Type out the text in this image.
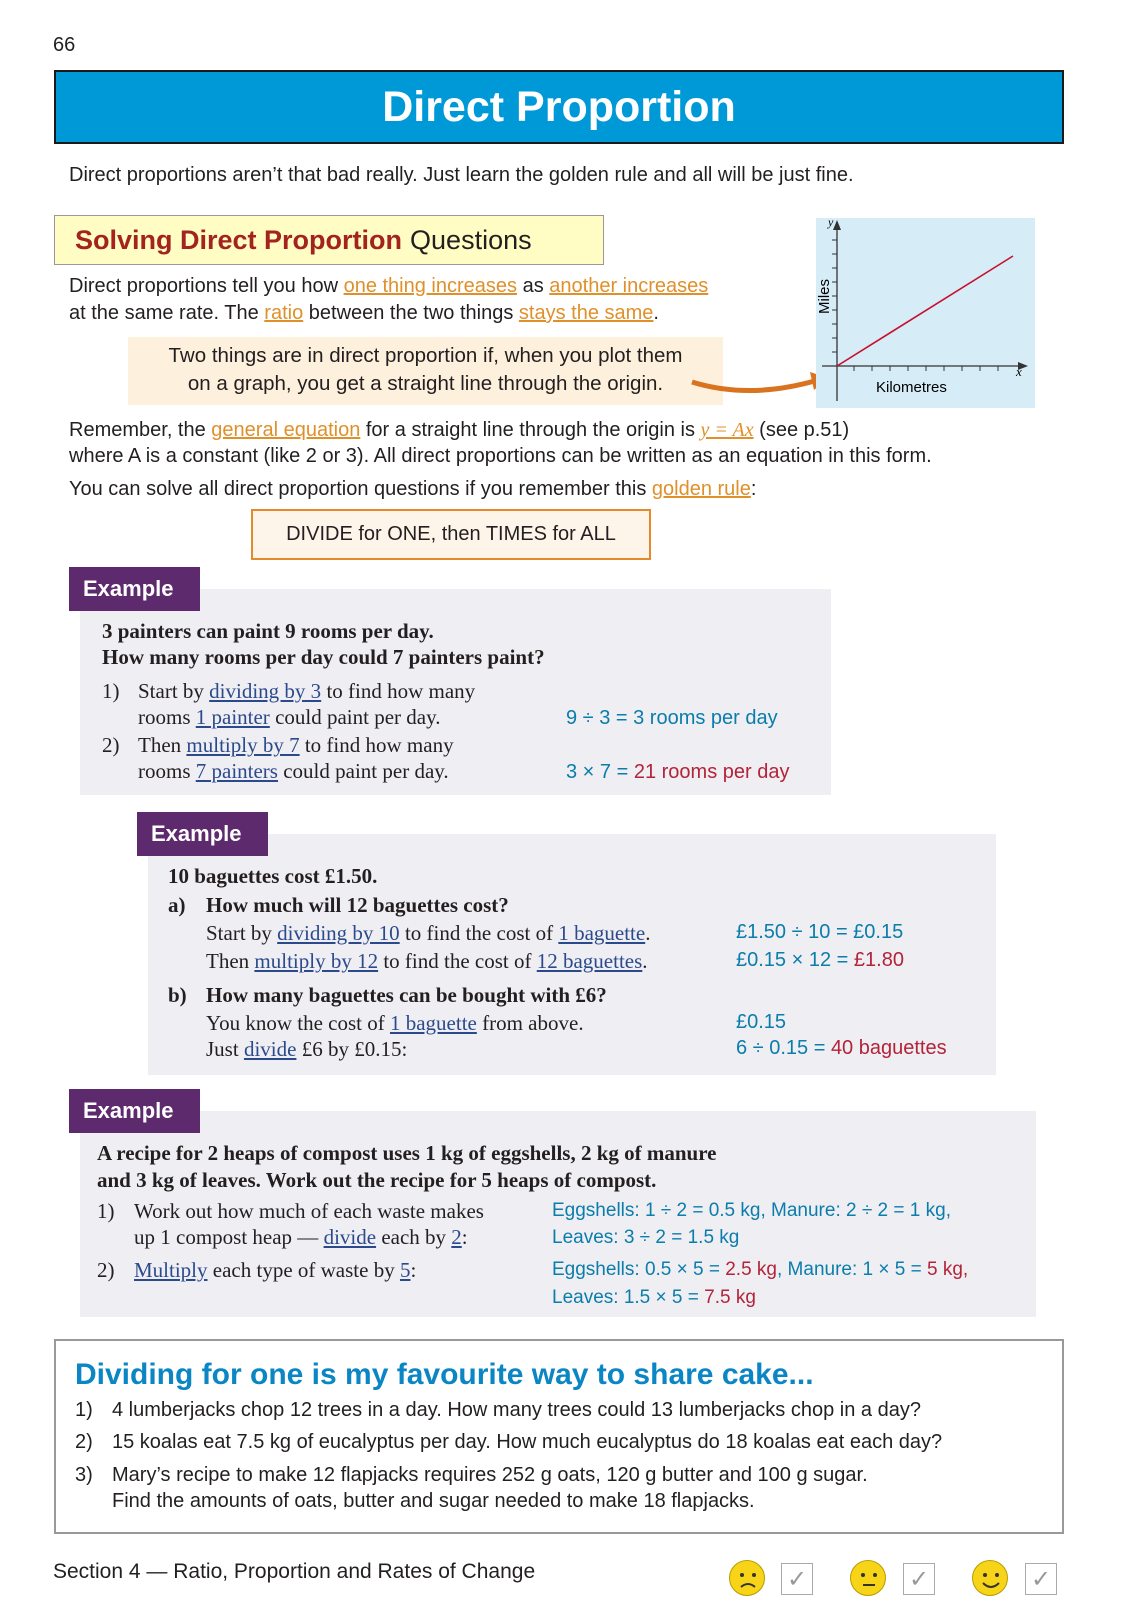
66
Direct Proportion
Direct proportions aren’t that bad really. Just learn the golden rule and all will be just fine.
Solving Direct Proportion Questions
Direct proportions tell you how one thing increases as another increases
at the same rate. The ratio between the two things stays the same.
Two things are in direct proportion if, when you plot them
on a graph, you get a straight line through the origin.
y
x
Miles
Kilometres
Remember, the general equation for a straight line through the origin is y = Ax (see p.51)
where A is a constant (like 2 or 3). All direct proportions can be written as an equation in this form.
You can solve all direct proportion questions if you remember this golden rule:
DIVIDE for ONE, then TIMES for ALL
Example
3 painters can paint 9 rooms per day.
How many rooms per day could 7 painters paint?
1) Start by dividing by 3 to find how many
rooms 1 painter could paint per day.	9 ÷ 3 = 3 rooms per day
2) Then multiply by 7 to find how many
rooms 7 painters could paint per day.	3 × 7 = 21 rooms per day
Example
10 baguettes cost £1.50.
a) How much will 12 baguettes cost?
Start by dividing by 10 to find the cost of 1 baguette.	£1.50 ÷ 10 = £0.15
Then multiply by 12 to find the cost of 12 baguettes.	£0.15 × 12 = £1.80
b) How many baguettes can be bought with £6?
You know the cost of 1 baguette from above.	£0.15
Just divide £6 by £0.15:	6 ÷ 0.15 = 40 baguettes
Example
A recipe for 2 heaps of compost uses 1 kg of eggshells, 2 kg of manure
and 3 kg of leaves. Work out the recipe for 5 heaps of compost.
1) Work out how much of each waste makes
up 1 compost heap — divide each by 2:
Eggshells: 1 ÷ 2 = 0.5 kg, Manure: 2 ÷ 2 = 1 kg,
Leaves: 3 ÷ 2 = 1.5 kg
2) Multiply each type of waste by 5:	Eggshells: 0.5 × 5 = 2.5 kg, Manure: 1 × 5 = 5 kg,
Leaves: 1.5 × 5 = 7.5 kg
Dividing for one is my favourite way to share cake...
1) 4 lumberjacks chop 12 trees in a day. How many trees could 13 lumberjacks chop in a day?
2) 15 koalas eat 7.5 kg of eucalyptus per day. How much eucalyptus do 18 koalas eat each day?
3) Mary’s recipe to make 12 flapjacks requires 252 g oats, 120 g butter and 100 g sugar.
Find the amounts of oats, butter and sugar needed to make 18 flapjacks.
Section 4 — Ratio, Proportion and Rates of Change	✓	✓	✓
